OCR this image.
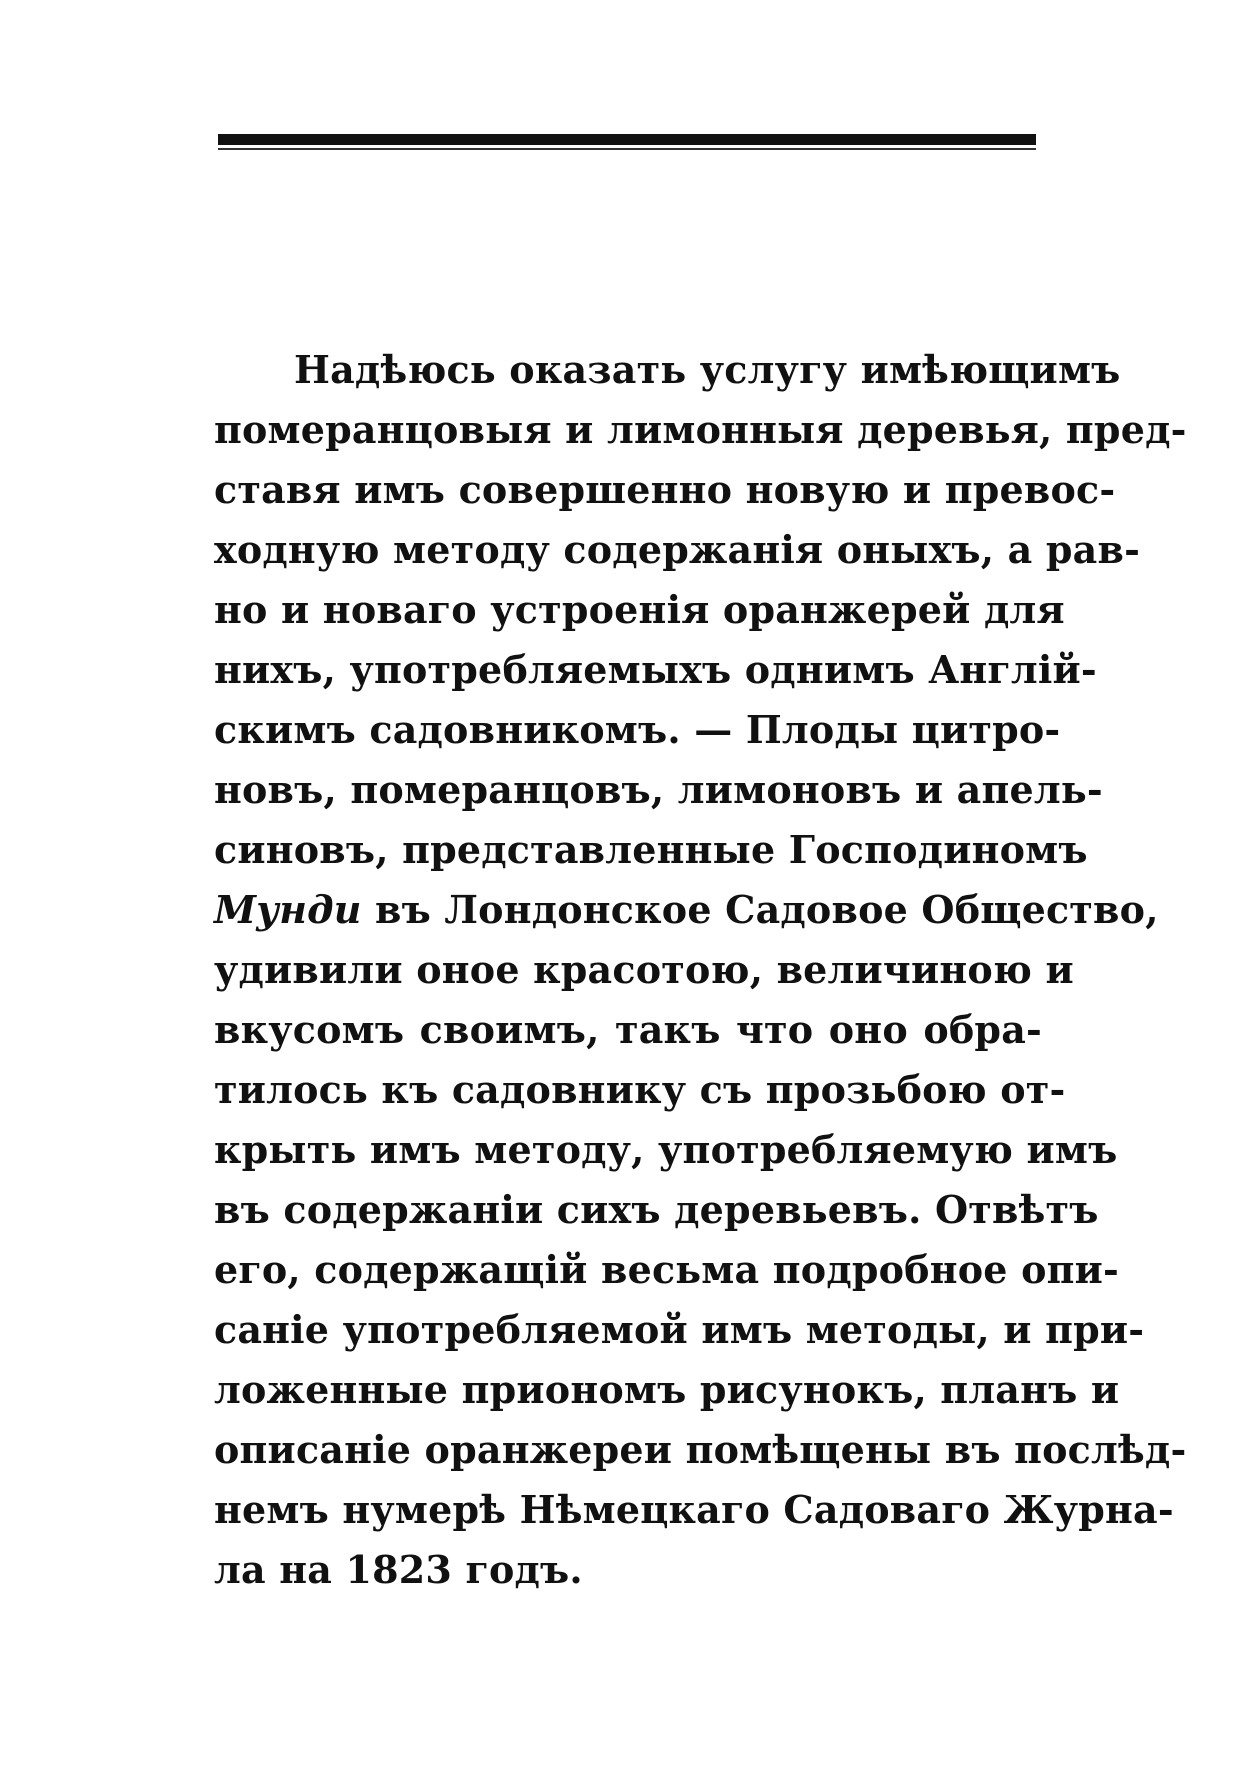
Надѣюсь оказать услугу имѣющимъ
померанцовыя и лимонныя деревья, пред-
ставя имъ совершенно новую и превос-
ходную методу содержанія оныхъ, а рав-
но и новаго устроенія оранжерей для
нихъ, употребляемыхъ однимъ Англій-
скимъ садовникомъ. — Плоды цитро-
новъ, померанцовъ, лимоновъ и апель-
синовъ, представленные Господиномъ
Мунди въ Лондонское Садовое Общество,
удивили оное красотою, величиною и
вкусомъ своимъ, такъ что оно обра-
тилось къ садовнику съ прозьбою от-
крыть имъ методу, употребляемую имъ
въ содержаніи сихъ деревьевъ. Отвѣтъ
его, содержащій весьма подробное опи-
саніе употребляемой имъ методы, и при-
ложенные приономъ рисунокъ, планъ и
описаніе оранжереи помѣщены въ послѣд-
немъ нумерѣ Нѣмецкаго Садоваго Журна-
ла на 1823 годъ.
